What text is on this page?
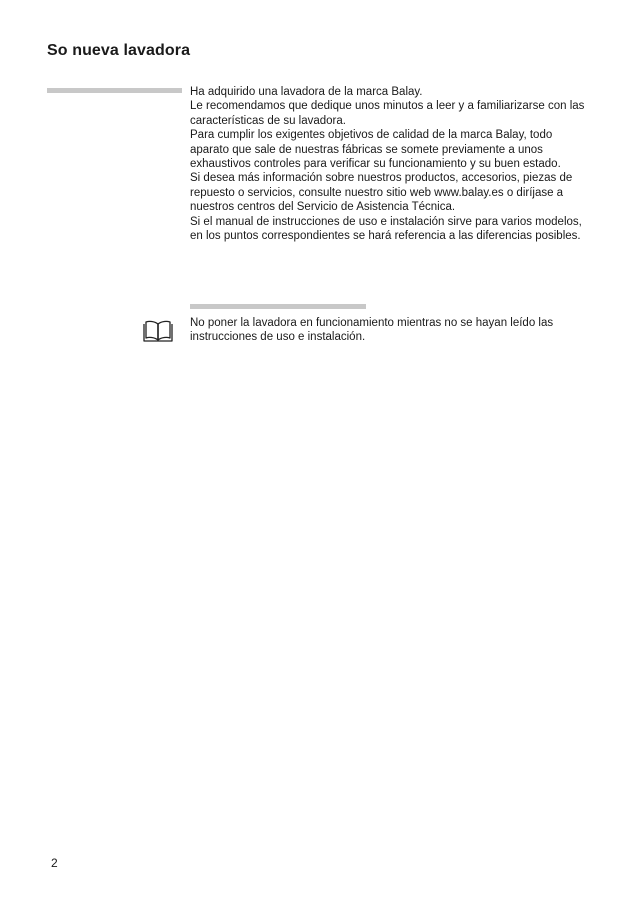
So nueva lavadora

Ha adquirido una lavadora de la marca Balay.

Le recomendamos que dedique unos minutos a leer y a familiarizarse con las características de su lavadora.

Para cumplir los exigentes objetivos de calidad de la marca Balay, todo aparato que sale de nuestras fábricas se somete previamente a unos exhaustivos controles para verificar su funcionamiento y su buen estado.

Si desea más información sobre nuestros productos, accesorios, piezas de repuesto o servicios, consulte nuestro sitio web www.balay.es o diríjase a nuestros centros del Servicio de Asistencia Técnica.

Si el manual de instrucciones de uso e instalación sirve para varios modelos, en los puntos correspondientes se hará referencia a las diferencias posibles.

No poner la lavadora en funcionamiento mientras no se hayan leído las instrucciones de uso e instalación.

2
